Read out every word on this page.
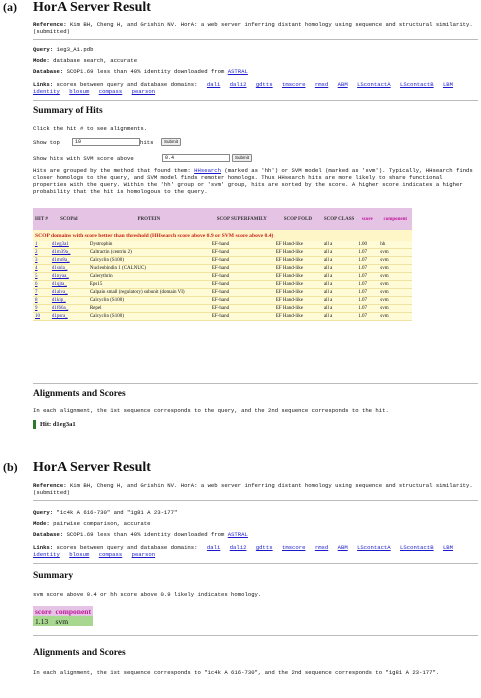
(a) HorA Server Result
Reference: Kim BH, Cheng H, and Grishin NV. HorA: a web server inferring distant homology using sequence and structural similarity. (submitted)
Query: 1eg3_A1.pdb
Mode: database search, accurate
Database: SCOP1.69 less than 40% identity downloaded from ASTRAL
Links: scores between query and database domains: dali dali2 gdtts tmscore rmsd ABM LScontactA LScontactB LBM identity blosum compass pearson
Summary of Hits
Click the hit # to see alignments.
Show top	10	hits	Submit
Show hits with SVM score above	0.4	Submit
Hits are grouped by the method that found them: HHsearch (marked as 'hh') or SVM model (marked as 'svm'). Typically, HHsearch finds closer homologs to the query, and SVM model finds remoter homologs. Thus HHsearch hits are more likely to share functional properties with the query. Within the 'hh' group or 'svm' group, hits are sorted by the score. A higher score indicates a higher probability that the hit is homologous to the query.
HIT #	SCOPid	PROTEIN	SCOP SUPERFAMILY	SCOP FOLD	SCOP CLASS	score	component
SCOP domains with score better than threshold (HHsearch score above 0.9 or SVM score above 0.4)							
1	d1eg3a1	Dystrophin	EF-hand	EF Hand-like	all a	1.00	hh
2	d1m39a_	Caltractin (centrin 2)	EF-hand	EF Hand-like	all a	1.07	svm
3	d1mr8a_	Calcyclin (S100)	EF-hand	EF Hand-like	all a	1.07	svm
4	d1snla_	Nucleobindin 1 (CALNUC)	EF-hand	EF Hand-like	all a	1.07	svm
5	d1nyaa_	Calerythrin	EF-hand	EF Hand-like	all a	1.07	svm
6	d1qjta_	Eps15	EF-hand	EF Hand-like	all a	1.07	svm
7	d1alva_	Calpain small (regulatory) subunit (domain VI)	EF-hand	EF Hand-like	all a	1.07	svm
8	d1kip_	Calcyclin (S100)	EF-hand	EF Hand-like	all a	1.07	svm
9	d1f66a_	Repel	EF-hand	EF Hand-like	all a	1.07	svm
10	d1psra_	Calcyclin (S100)	EF-hand	EF Hand-like	all a	1.07	svm
Alignments and Scores
In each alignment, the 1st sequence corresponds to the query, and the 2nd sequence corresponds to the hit.
Hit: d1eg3a1
(b) HorA Server Result
Reference: Kim BH, Cheng H, and Grishin NV. HorA: a web server inferring distant homology using sequence and structural similarity. (submitted)
Query: "1c4k A 616-730" and "1g81 A 23-177"
Mode: pairwise comparison, accurate
Database: SCOP1.69 less than 40% identity downloaded from ASTRAL
Links: scores between query and database domains: dali dali2 gdtts tmscore rmsd ABM LScontactA LScontactB LBM identity blosum compass pearson
Summary
svm score above 0.4 or hh score above 0.9 likely indicates homology.
score	component
1.13	svm
Alignments and Scores
In each alignment, the 1st sequence corresponds to "1c4k A 616-730", and the 2nd sequence corresponds to "1g81 A 23-177".
